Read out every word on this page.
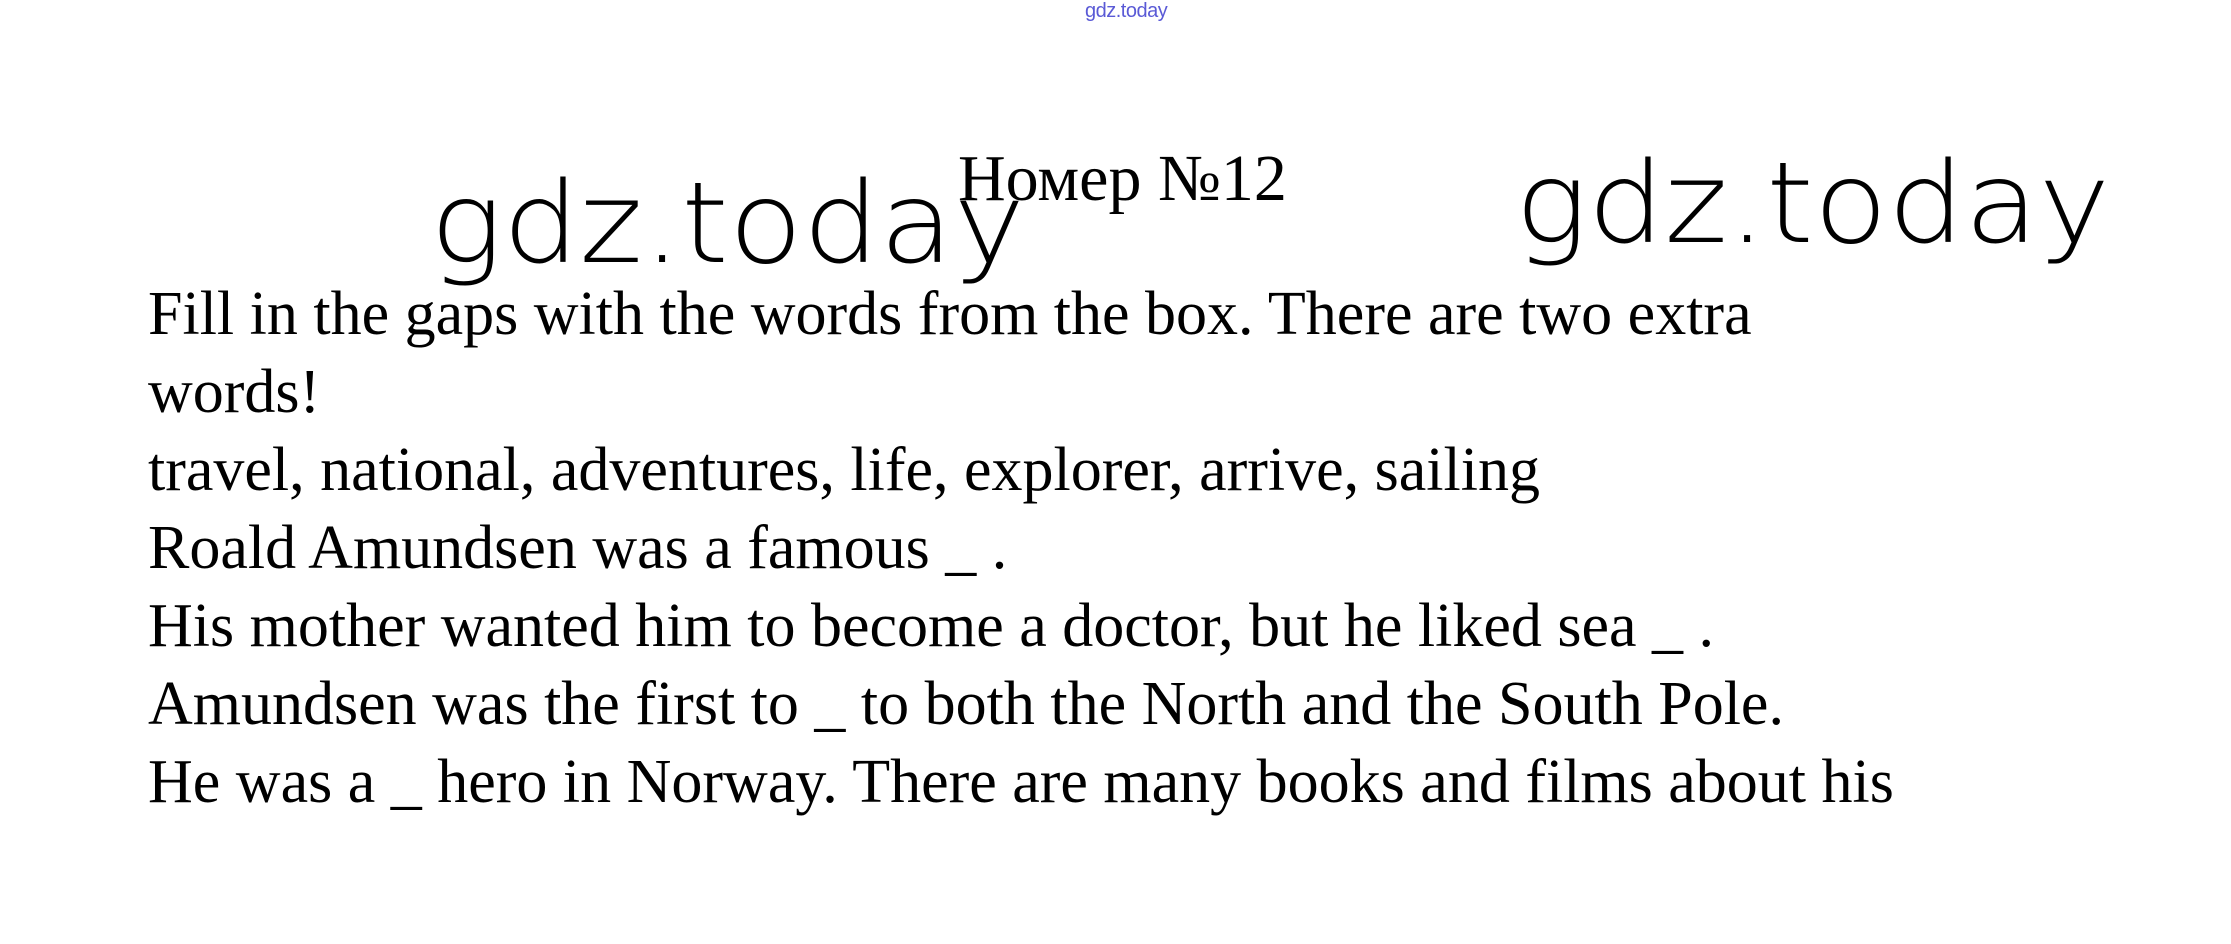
gdz.today
gdz.today	gdz.today
Номер №12
Fill in the gaps with the words from the box. There are two extra
words!
travel, national, adventures, life, explorer, arrive, sailing
Roald Amundsen was a famous _ .
His mother wanted him to become a doctor, but he liked sea _ .
Amundsen was the first to _ to both the North and the South Pole.
He was a _ hero in Norway. There are many books and films about his
